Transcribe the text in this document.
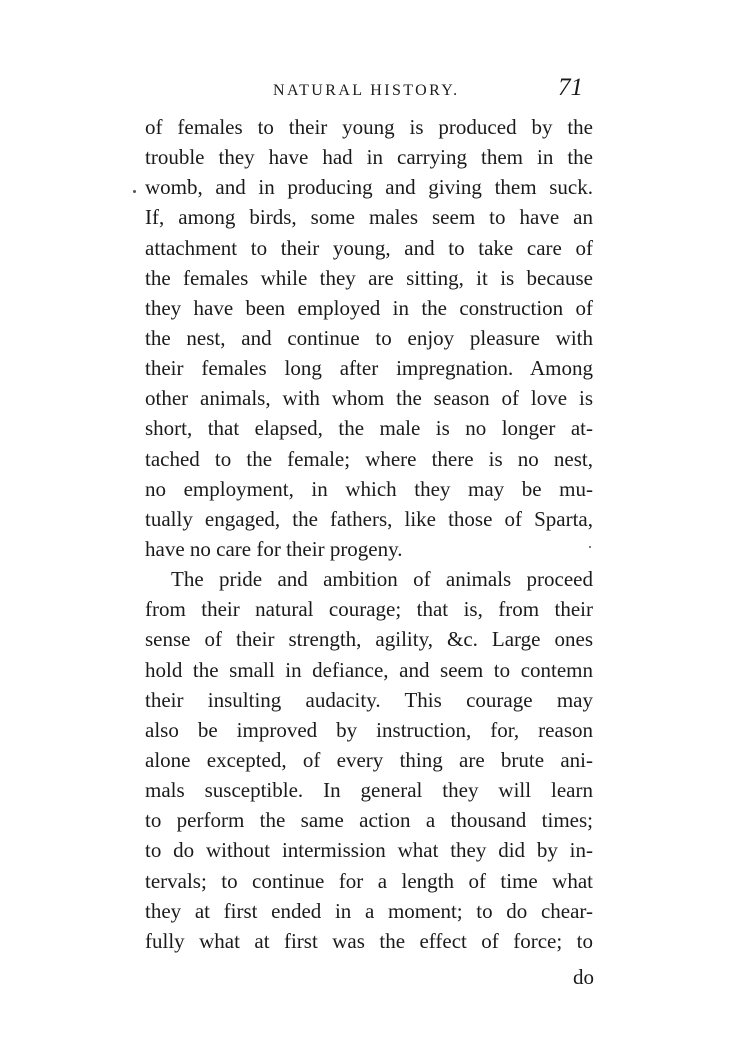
NATURAL HISTORY.	71
of females to their young is produced by the
trouble they have had in carrying them in the
womb, and in producing and giving them suck.
If, among birds, some males seem to have an
attachment to their young, and to take care of
the females while they are sitting, it is because
they have been employed in the construction of
the nest, and continue to enjoy pleasure with
their females long after impregnation. Among
other animals, with whom the season of love is
short, that elapsed, the male is no longer at-
tached to the female; where there is no nest,
no employment, in which they may be mu-
tually engaged, the fathers, like those of Sparta,
have no care for their progeny.
The pride and ambition of animals proceed
from their natural courage; that is, from their
sense of their strength, agility, &c. Large ones
hold the small in defiance, and seem to contemn
their insulting audacity. This courage may
also be improved by instruction, for, reason
alone excepted, of every thing are brute ani-
mals susceptible. In general they will learn
to perform the same action a thousand times;
to do without intermission what they did by in-
tervals; to continue for a length of time what
they at first ended in a moment; to do chear-
fully what at first was the effect of force; to
do
